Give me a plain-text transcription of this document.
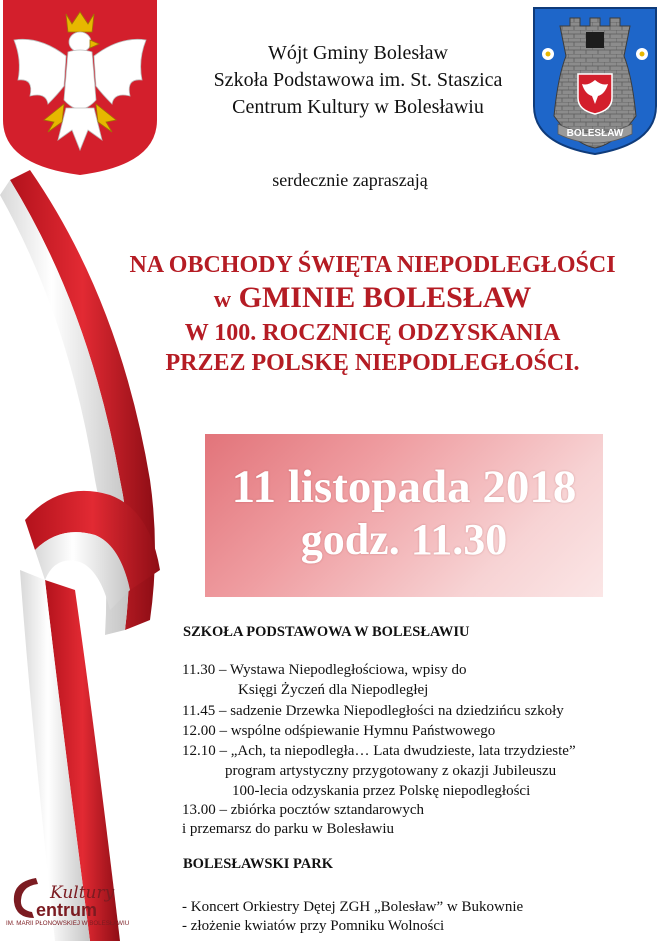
BOLESŁAW
Wójt Gminy Bolesław
Szkoła Podstawowa im. St. Staszica
Centrum Kultury w Bolesławiu
serdecznie zapraszają
NA OBCHODY ŚWIĘTA NIEPODLEGŁOŚCI
w GMINIE BOLESŁAW
W 100. ROCZNICĘ ODZYSKANIA
PRZEZ POLSKĘ NIEPODLEGŁOŚCI.
11 listopada 2018
godz. 11.30
SZKOŁA PODSTAWOWA W BOLESŁAWIU
11.30 – Wystawa Niepodległościowa, wpisy do
Księgi Życzeń dla Niepodległej
11.45 – sadzenie Drzewka Niepodległości na dziedzińcu szkoły
12.00 – wspólne odśpiewanie Hymnu Państwowego
12.10 – „Ach, ta niepodległa… Lata dwudzieste, lata trzydzieste”
program artystyczny przygotowany z okazji Jubileuszu
100-lecia odzyskania przez Polskę niepodległości
13.00 – zbiórka pocztów sztandarowych
i przemarsz do parku w Bolesławiu
BOLESŁAWSKI PARK
- Koncert Orkiestry Dętej ZGH „Bolesław” w Bukownie
- złożenie kwiatów przy Pomniku Wolności
Kultury
entrum
IM. MARII PŁONOWSKIEJ W BOLESŁAWIU
